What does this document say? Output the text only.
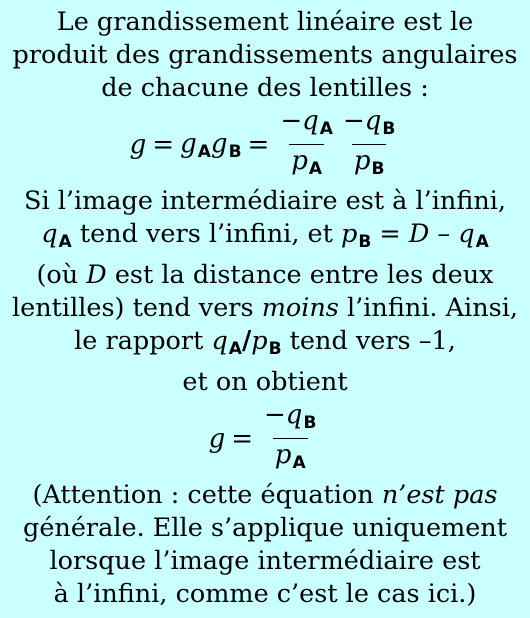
Le grandissement linéaire est le
produit des grandissements angulaires
de chacune des lentilles :
$g = g_A$ $g_B = \frac{-q_A}{p_A} \frac{-q_B}{p_B}$
Si l’image intermédiaire est à l’infini,
$q_A$ tend vers l’infini, et $p_B = D - q_A$
(où D est la distance entre les deux
lentilles) tend vers moins l’infini. Ainsi,
le rapport $q_A/p_B$ tend vers –1,
et on obtient
$g = \frac{-q_B}{p_A}$
(Attention : cette équation n’est pas
générale. Elle s’applique uniquement
lorsque l’image intermédiaire est
à l’infini, comme c’est le cas ici.)
